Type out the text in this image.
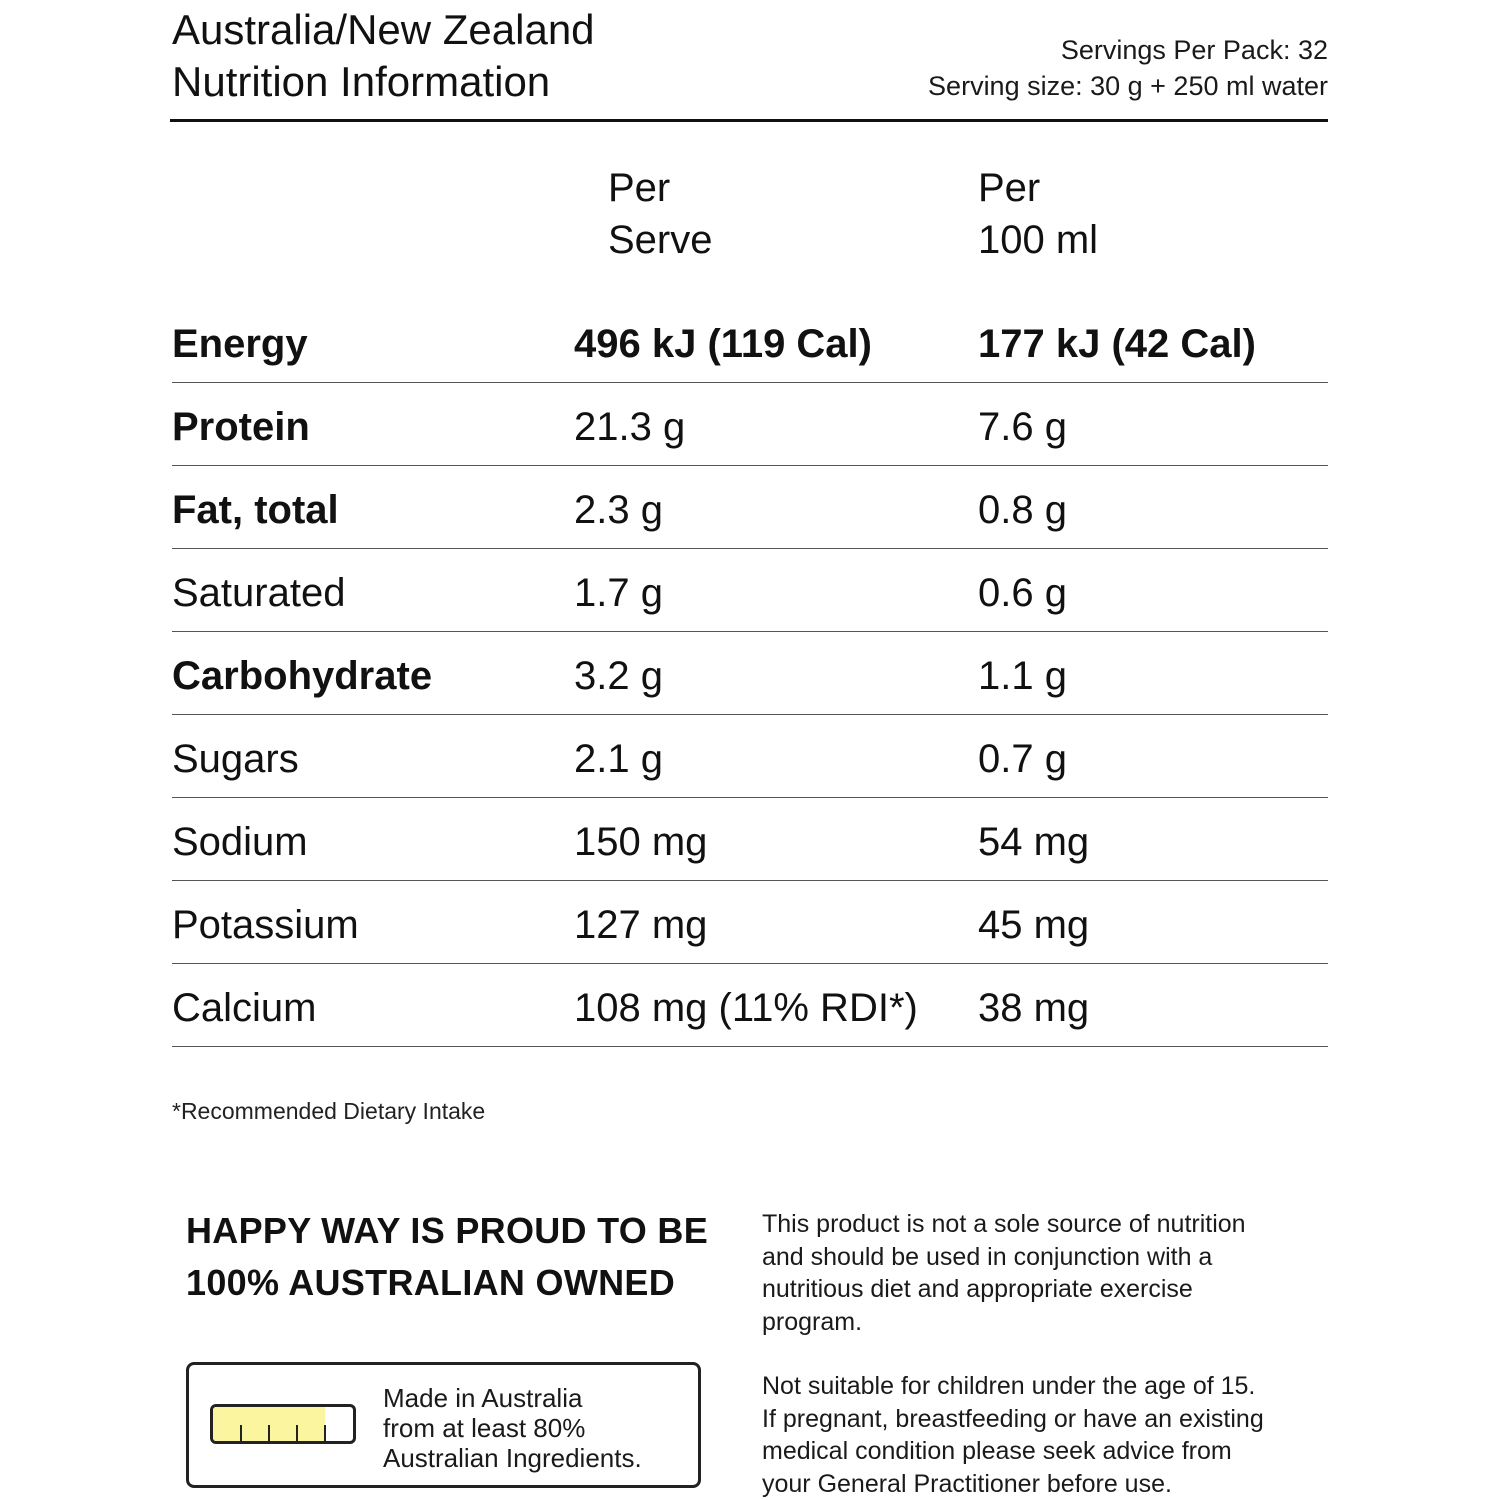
Australia/New Zealand
Nutrition Information
Servings Per Pack: 32
Serving size: 30 g + 250 ml water
Per
Serve
Per
100 ml
Energy	496 kJ (119 Cal)	177 kJ (42 Cal)
Protein	21.3 g	7.6 g
Fat, total	2.3 g	0.8 g
Saturated	1.7 g	0.6 g
Carbohydrate	3.2 g	1.1 g
Sugars	2.1 g	0.7 g
Sodium	150 mg	54 mg
Potassium	127 mg	45 mg
Calcium	108 mg (11% RDI*) 38 mg
*Recommended Dietary Intake
HAPPY WAY IS PROUD TO BE
100% AUSTRALIAN OWNED
Made in Australia
from at least 80%
Australian Ingredients.
This product is not a sole source of nutrition
and should be used in conjunction with a
nutritious diet and appropriate exercise
program.
Not suitable for children under the age of 15.
If pregnant, breastfeeding or have an existing
medical condition please seek advice from
your General Practitioner before use.
